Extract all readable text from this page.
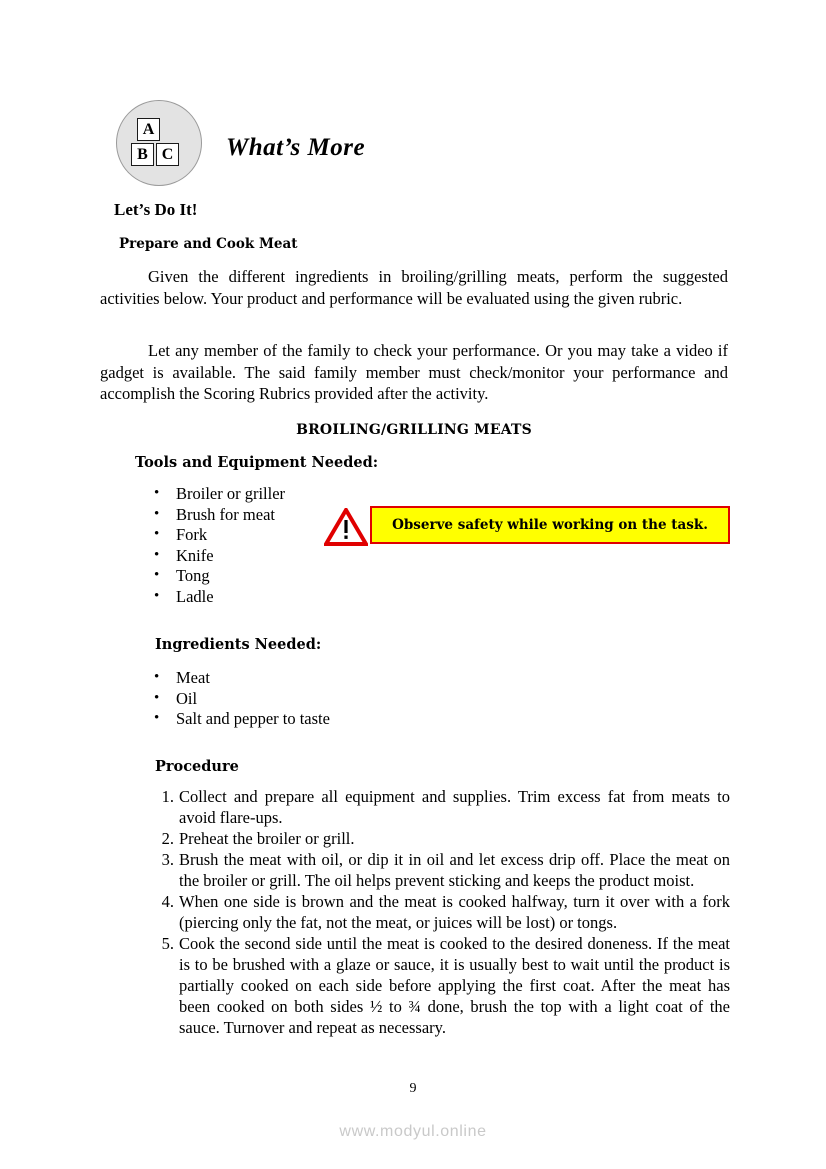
A
B C What’s More
Let’s Do It!
Prepare and Cook Meat
Given the different ingredients in broiling/grilling meats, perform the suggested activities below. Your product and performance will be evaluated using the given rubric.
Let any member of the family to check your performance. Or you may take a video if gadget is available. The said family member must check/monitor your performance and accomplish the Scoring Rubrics provided after the activity.
BROILING/GRILLING MEATS
Tools and Equipment Needed:
• Broiler or griller
• Brush for meat
• Fork
• Knife
• Tong
• Ladle
Observe safety while working on the task.
Ingredients Needed:
• Meat
• Oil
• Salt and pepper to taste
Procedure
1. Collect and prepare all equipment and supplies. Trim excess fat from meats to avoid flare-ups.
2. Preheat the broiler or grill.
3. Brush the meat with oil, or dip it in oil and let excess drip off. Place the meat on the broiler or grill. The oil helps prevent sticking and keeps the product moist.
4. When one side is brown and the meat is cooked halfway, turn it over with a fork (piercing only the fat, not the meat, or juices will be lost) or tongs.
5. Cook the second side until the meat is cooked to the desired doneness. If the meat is to be brushed with a glaze or sauce, it is usually best to wait until the product is partially cooked on each side before applying the first coat. After the meat has been cooked on both sides ½ to ¾ done, brush the top with a light coat of the sauce. Turnover and repeat as necessary.
9
www.modyul.online
